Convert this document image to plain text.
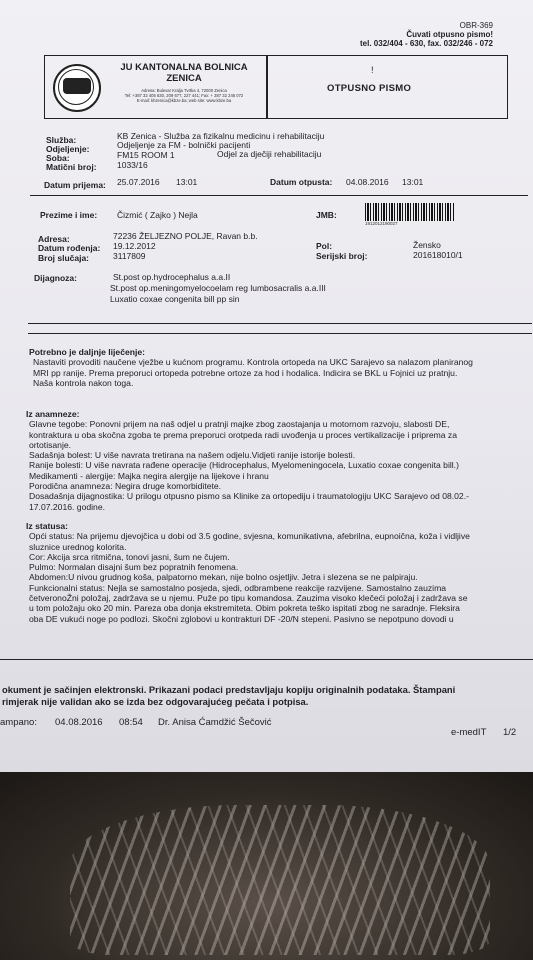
OBR-369
Čuvati otpusno pismo!
tel. 032/404 - 630, fax. 032/246 - 072
JU KANTONALNA BOLNICA
ZENICA
Adresa: Bulevar Kralja Tvrtka 4, 72000 Zenica
Tel: +387 32 405 630, 209 677, 227 441; Fax: + 387 32 246 072
E-mail: khzenica@kbze.ba; web site: www.kbze.ba
!
OTPUSNO PISMO
Služba:	KB Zenica - Služba za fizikalnu medicinu i rehabilitaciju
Odjeljenje:	Odjeljenje za FM - bolnički pacijenti
Soba:	FM15 ROOM 1	Odjel za dječiji rehabilitaciju
Matični broj: 1033/16
Datum prijema: 25.07.2016 13:01	Datum otpusta: 04.08.2016 13:01
Prezime i ime: Čizmić ( Zajko ) Nejla	JMB:
1912012190027
Adresa:	72236 ŽELJEZNO POLJE, Ravan b.b.
Datum rođenja: 19.12.2012
Broj slučaja:	3117809
Pol:	Žensko
Serijski broj:	201618010/1
Dijagnoza:	St.post op.hydrocephalus a.a.II
St.post op.meningomyelocoelam reg lumbosacralis a.a.III
Luxatio coxae congenita bill pp sin
Potrebno je daljnje liječenje:
Nastaviti provoditi naučene vježbe u kućnom programu. Kontrola ortopeda na UKC Sarajevo sa nalazom planiranog
MRI pp ranije. Prema preporuci ortopeda potrebne ortoze za hod i hodalica. Indicira se BKL u Fojnici uz pratnju.
Naša kontrola nakon toga.
Iz anamneze:
Glavne tegobe: Ponovni prijem na naš odjel u pratnji majke zbog zaostajanja u motornom razvoju, slabosti DE,
kontraktura u oba skočna zgoba te prema preporuci orotpeda radi uvođenja u proces vertikalizacije i priprema za
ortotisanje.
Sadašnja bolest: U više navrata tretirana na našem odjelu.Vidjeti ranije istorije bolesti.
Ranije bolesti: U više navrata rađene operacije (Hidrocephalus, Myelomeningocela, Luxatio coxae congenita bill.)
Medikamenti - alergije: Majka negira alergije na lijekove i hranu
Porodična anamneza: Negira druge komorbiditete.
Dosadašnja dijagnostika: U prilogu otpusno pismo sa Klinike za ortopediju i traumatologiju UKC Sarajevo od 08.02.-
17.07.2016. godine.
Iz statusa:
Opći status: Na prijemu djevojčica u dobi od 3.5 godine, svjesna, komunikativna, afebrilna, eupnoična, koža i vidljive
sluznice urednog kolorita.
Cor: Akcija srca ritmična, tonovi jasni, šum ne čujem.
Pulmo: Normalan disajni šum bez popratnih fenomena.
Abdomen:U nivou grudnog koša, palpatorno mekan, nije bolno osjetljiv. Jetra i slezena se ne palpiraju.
Funkcionalni status: Nejla se samostalno posjeda, sjedi, odbrambene reakcije razvijene. Samostalno zauzima
četveronoŽni položaj, zadržava se u njemu. Puže po tipu komandosa. Zauzima visoko klečeći položaj i zadržava se
u tom položaju oko 20 min. Pareza oba donja ekstremiteta. Obim pokreta teško ispitati zbog ne saradnje. Fleksira
oba DE vukući noge po podlozi. Skočni zglobovi u kontrakturi DF -20/N stepeni. Pasivno se nepotpuno dovodi u
okument je sačinjen elektronski. Prikazani podaci predstavljaju kopiju originalnih podataka. Štampani
rimjerak nije validan ako se izda bez odgovarajućeg pečata i potpisa.
ampano: 04.08.2016 08:54 Dr. Anisa Ćamdžić Šečović
e-medIT 1/2
